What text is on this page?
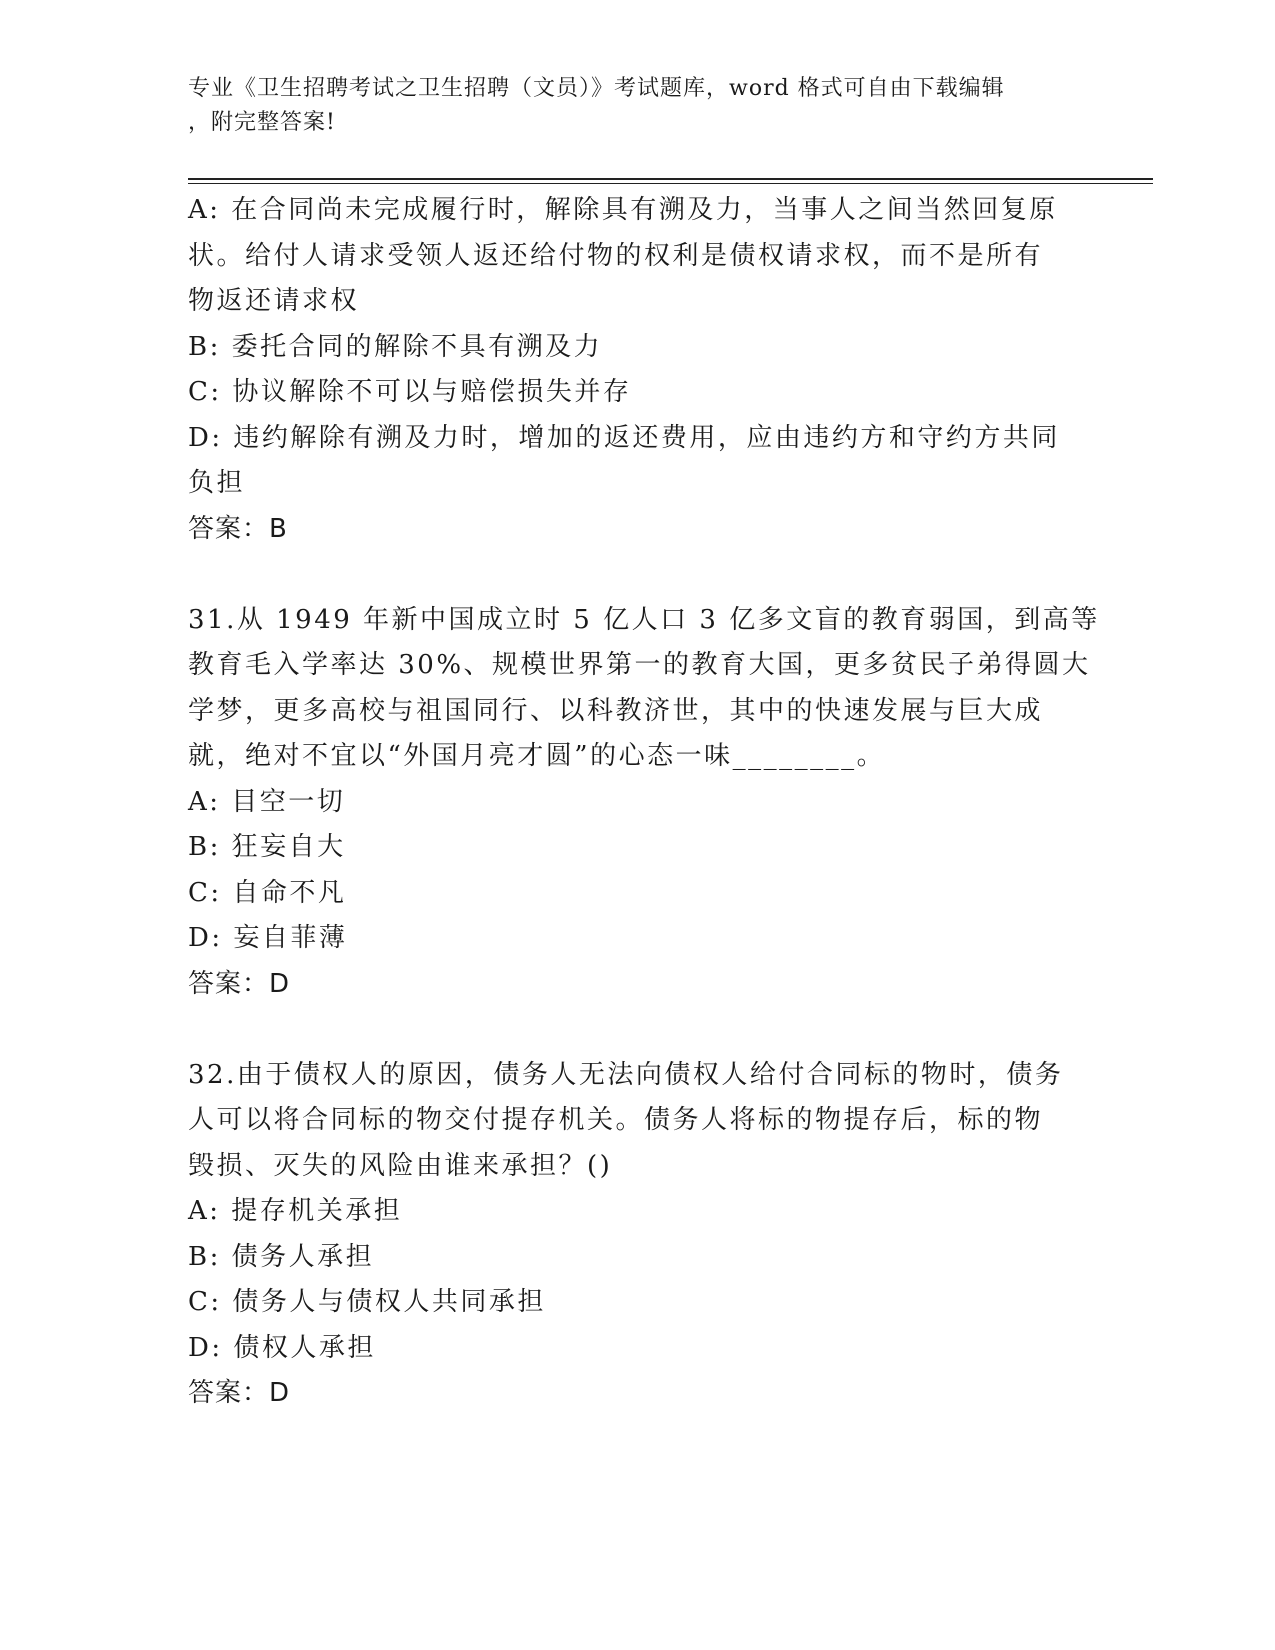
专业《卫生招聘考试之卫生招聘（文员）》考试题库，word 格式可自由下载编辑
，附完整答案!
A: 在合同尚未完成履行时，解除具有溯及力，当事人之间当然回复原
状。给付人请求受领人返还给付物的权利是债权请求权，而不是所有
物返还请求权
B: 委托合同的解除不具有溯及力
C: 协议解除不可以与赔偿损失并存
D: 违约解除有溯及力时，增加的返还费用，应由违约方和守约方共同
负担
答案：B
31.从 1949 年新中国成立时 5 亿人口 3 亿多文盲的教育弱国，到高等
教育毛入学率达 30%、规模世界第一的教育大国，更多贫民子弟得圆大
学梦，更多高校与祖国同行、以科教济世，其中的快速发展与巨大成
就，绝对不宜以“外国月亮才圆”的心态一味________。
A: 目空一切
B: 狂妄自大
C: 自命不凡
D: 妄自菲薄
答案：D
32.由于债权人的原因，债务人无法向债权人给付合同标的物时，债务
人可以将合同标的物交付提存机关。债务人将标的物提存后，标的物
毁损、灭失的风险由谁来承担？()
A: 提存机关承担
B: 债务人承担
C: 债务人与债权人共同承担
D: 债权人承担
答案：D
